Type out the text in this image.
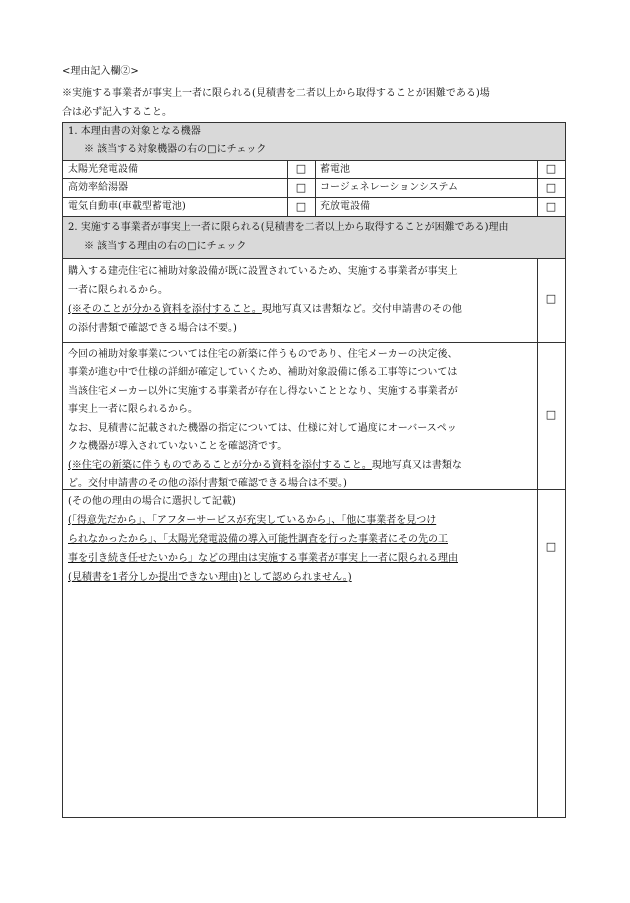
<理由記入欄②>
※実施する事業者が事実上一者に限られる(見積書を二者以上から取得することが困難である)場
合は必ず記入すること。
1. 本理由書の対象となる機器
※ 該当する対象機器の右の□にチェック
太陽光発電設備	□ 蓄電池	□
高効率給湯器	□ コージェネレーションシステム	□
電気自動車(車載型蓄電池)	□ 充放電設備	□
2. 実施する事業者が事実上一者に限られる(見積書を二者以上から取得することが困難である)理由
※ 該当する理由の右の□にチェック
購入する建売住宅に補助対象設備が既に設置されているため、実施する事業者が事実上
一者に限られるから。
(※そのことが分かる資料を添付すること。現地写真又は書類など。交付申請書のその他
の添付書類で確認できる場合は不要。)
□
今回の補助対象事業については住宅の新築に伴うものであり、住宅メーカーの決定後、
事業が進む中で仕様の詳細が確定していくため、補助対象設備に係る工事等については
当該住宅メーカー以外に実施する事業者が存在し得ないこととなり、実施する事業者が
事実上一者に限られるから。
なお、見積書に記載された機器の指定については、仕様に対して過度にオーバースペッ
クな機器が導入されていないことを確認済です。
(※住宅の新築に伴うものであることが分かる資料を添付すること。現地写真又は書類な
ど。交付申請書のその他の添付書類で確認できる場合は不要。)
□
(その他の理由の場合に選択して記載)
(「得意先だから」、「アフターサービスが充実しているから」、「他に事業者を見つけ
られなかったから」、「太陽光発電設備の導入可能性調査を行った事業者にその先の工
事を引き続き任せたいから」などの理由は実施する事業者が事実上一者に限られる理由
(見積書を1者分しか提出できない理由)として認められません。)
□
